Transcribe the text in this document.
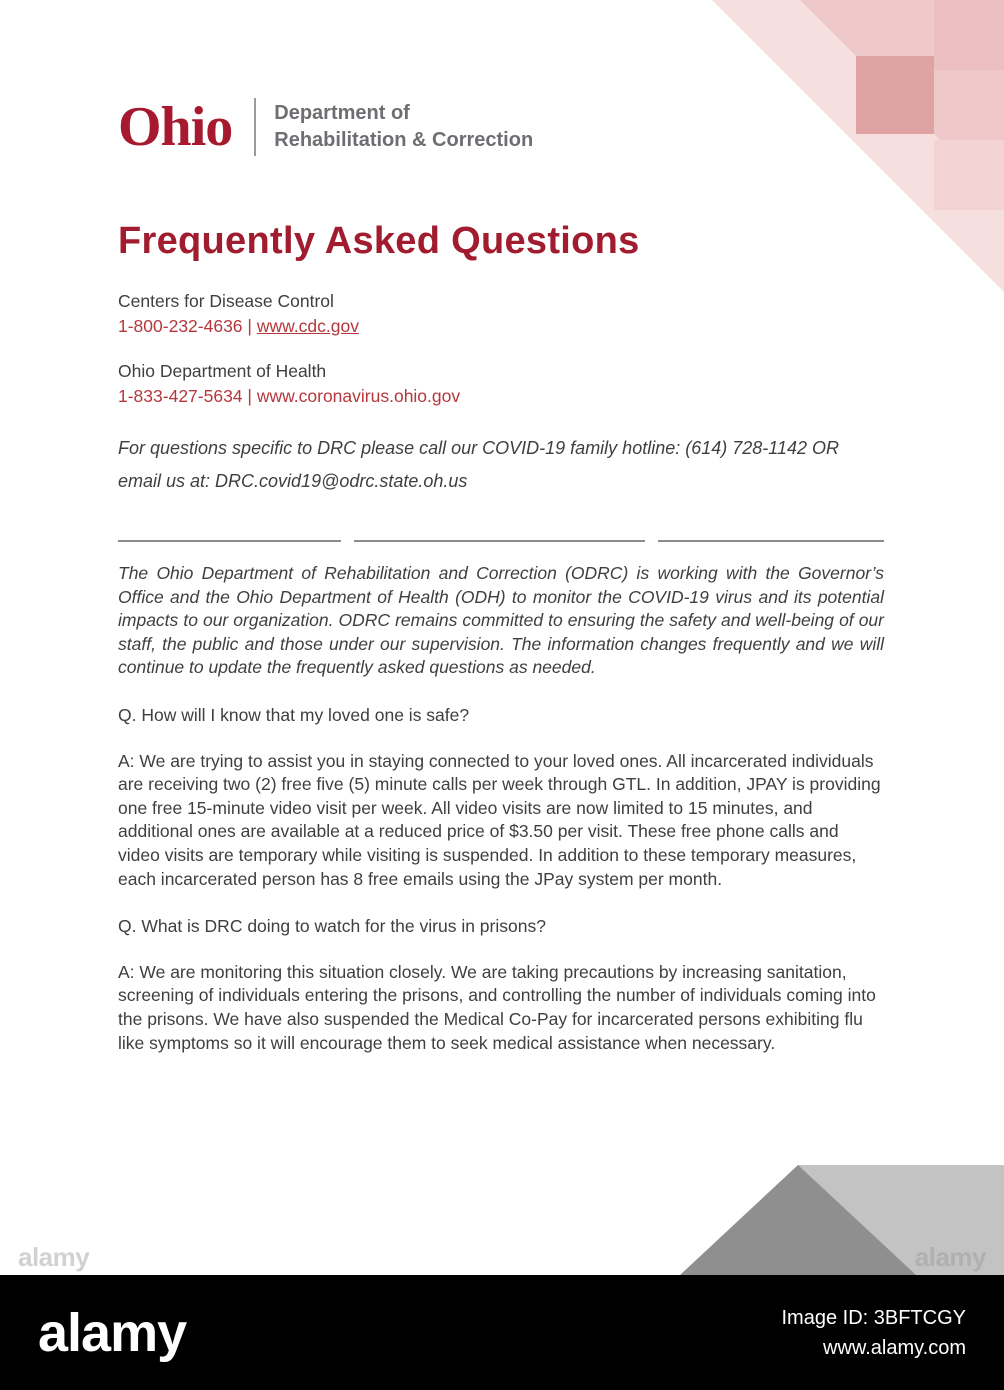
Ohio Department of
Rehabilitation & Correction
Frequently Asked Questions
Centers for Disease Control
1-800-232-4636 | www.cdc.gov
Ohio Department of Health
1-833-427-5634 | www.coronavirus.ohio.gov

For questions specific to DRC please call our COVID-19 family hotline: (614) 728-1142 OR
email us at: DRC.covid19@odrc.state.oh.us

The Ohio Department of Rehabilitation and Correction (ODRC) is working with the Governor’s Office and the Ohio Department of Health (ODH) to monitor the COVID-19 virus and its potential impacts to our organization. ODRC remains committed to ensuring the safety and well-being of our staff, the public and those under our supervision. The information changes frequently and we will continue to update the frequently asked questions as needed.

Q. How will I know that my loved one is safe?

A: We are trying to assist you in staying connected to your loved ones. All incarcerated individuals are receiving two (2) free five (5) minute calls per week through GTL. In addition, JPAY is providing one free 15-minute video visit per week. All video visits are now limited to 15 minutes, and additional ones are available at a reduced price of $3.50 per visit. These free phone calls and video visits are temporary while visiting is suspended. In addition to these temporary measures, each incarcerated person has 8 free emails using the JPay system per month.

Q. What is DRC doing to watch for the virus in prisons?

A: We are monitoring this situation closely. We are taking precautions by increasing sanitation, screening of individuals entering the prisons, and controlling the number of individuals coming into the prisons. We have also suspended the Medical Co-Pay for incarcerated persons exhibiting flu like symptoms so it will encourage them to seek medical assistance when necessary.

alamy	alamy
alamy	Image ID: 3BFTCGY
www.alamy.com
